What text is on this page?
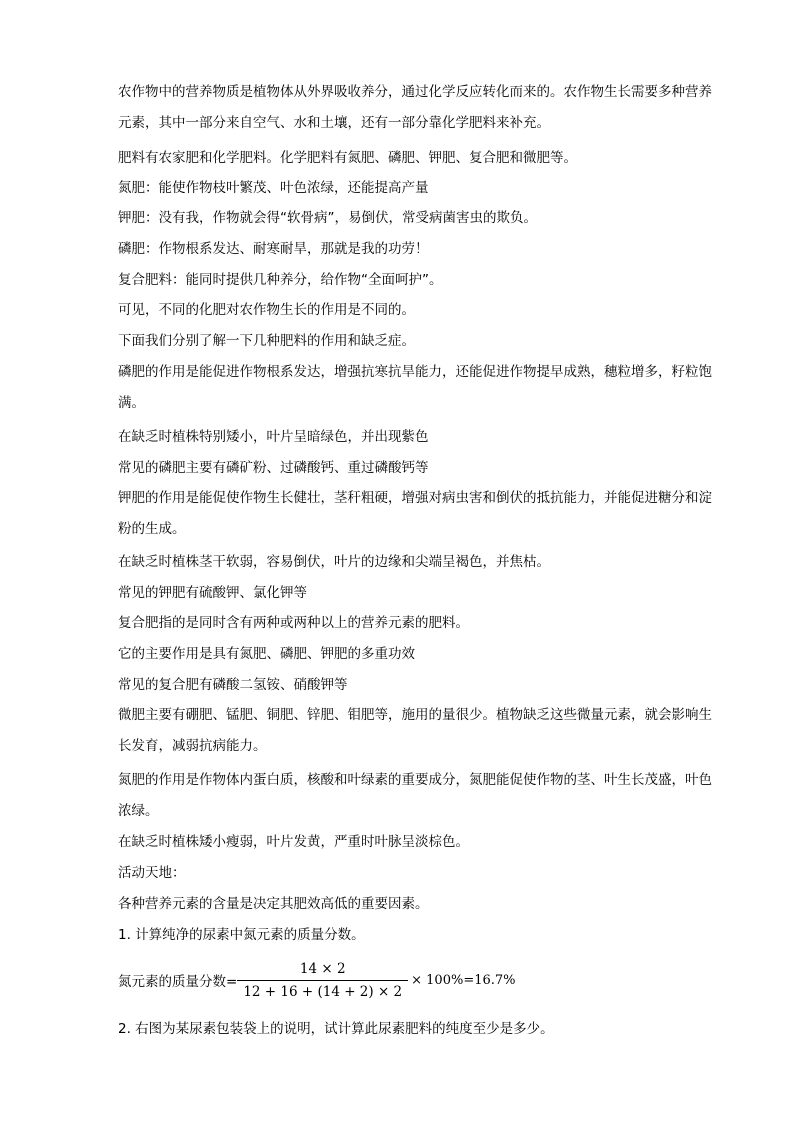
农作物中的营养物质是植物体从外界吸收养分，通过化学反应转化而来的。农作物生长需要多种营养元素，其中一部分来自空气、水和土壤，还有一部分靠化学肥料来补充。

肥料有农家肥和化学肥料。化学肥料有氮肥、磷肥、钾肥、复合肥和微肥等。

氮肥：能使作物枝叶繁茂、叶色浓绿，还能提高产量

钾肥：没有我，作物就会得“软骨病”，易倒伏，常受病菌害虫的欺负。

磷肥：作物根系发达、耐寒耐旱，那就是我的功劳！

复合肥料：能同时提供几种养分，给作物“全面呵护”。

可见，不同的化肥对农作物生长的作用是不同的。

下面我们分别了解一下几种肥料的作用和缺乏症。

磷肥的作用是能促进作物根系发达，增强抗寒抗旱能力，还能促进作物提早成熟，穗粒增多，籽粒饱满。

在缺乏时植株特别矮小，叶片呈暗绿色，并出现紫色

常见的磷肥主要有磷矿粉、过磷酸钙、重过磷酸钙等

钾肥的作用是能促使作物生长健壮，茎秆粗硬，增强对病虫害和倒伏的抵抗能力，并能促进糖分和淀粉的生成。

在缺乏时植株茎干软弱，容易倒伏，叶片的边缘和尖端呈褐色，并焦枯。

常见的钾肥有硫酸钾、氯化钾等

复合肥指的是同时含有两种或两种以上的营养元素的肥料。

它的主要作用是具有氮肥、磷肥、钾肥的多重功效

常见的复合肥有磷酸二氢铵、硝酸钾等

微肥主要有硼肥、锰肥、铜肥、锌肥、钼肥等，施用的量很少。植物缺乏这些微量元素，就会影响生长发育，减弱抗病能力。

氮肥的作用是作物体内蛋白质，核酸和叶绿素的重要成分，氮肥能促使作物的茎、叶生长茂盛，叶色浓绿。

在缺乏时植株矮小瘦弱，叶片发黄，严重时叶脉呈淡棕色。

活动天地：

各种营养元素的含量是决定其肥效高低的重要因素。

1. 计算纯净的尿素中氮元素的质量分数。

氮元素的质量分数= $\frac{14 \times 2}{12 + 16 + (14 + 2) \times 2} \times 100\% =16.7\%$

2. 右图为某尿素包装袋上的说明，试计算此尿素肥料的纯度至少是多少。
